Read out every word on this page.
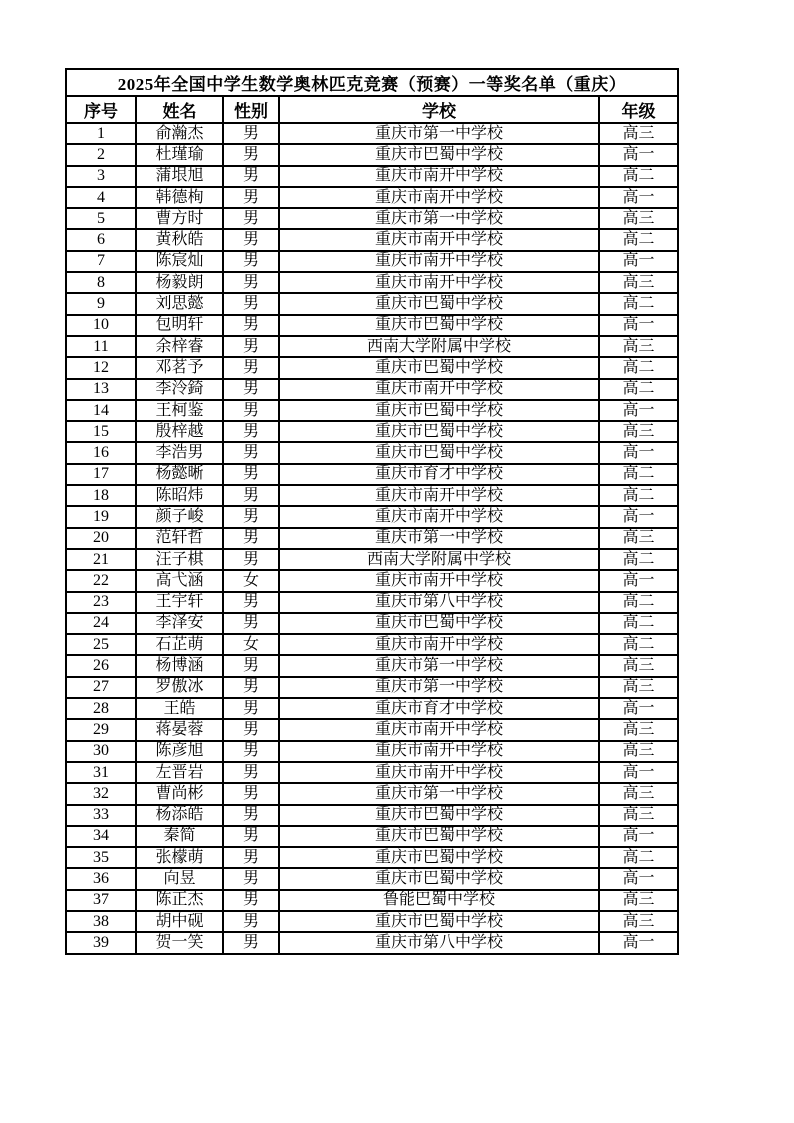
2025年全国中学生数学奥林匹克竞赛（预赛）一等奖名单（重庆）				
序号	姓名	性别	学校	年级
1	俞瀚杰	男	重庆市第一中学校	高三
2	杜瑾瑜	男	重庆市巴蜀中学校	高一
3	蒲垠旭	男	重庆市南开中学校	高二
4	韩德栒	男	重庆市南开中学校	高一
5	曹方时	男	重庆市第一中学校	高三
6	黄秋皓	男	重庆市南开中学校	高二
7	陈宸灿	男	重庆市南开中学校	高一
8	杨毅朗	男	重庆市南开中学校	高三
9	刘思懿	男	重庆市巴蜀中学校	高二
10	包明轩	男	重庆市巴蜀中学校	高一
11	余梓睿	男	西南大学附属中学校	高三
12	邓茗予	男	重庆市巴蜀中学校	高二
13	李泠錡	男	重庆市南开中学校	高二
14	王柯鉴	男	重庆市巴蜀中学校	高一
15	殷梓越	男	重庆市巴蜀中学校	高三
16	李浩男	男	重庆市巴蜀中学校	高一
17	杨懿晰	男	重庆市育才中学校	高二
18	陈昭炜	男	重庆市南开中学校	高二
19	颜子峻	男	重庆市南开中学校	高一
20	范轩哲	男	重庆市第一中学校	高三
21	汪子棋	男	西南大学附属中学校	高二
22	高弋涵	女	重庆市南开中学校	高一
23	王宇轩	男	重庆市第八中学校	高二
24	李泽安	男	重庆市巴蜀中学校	高二
25	石芷萌	女	重庆市南开中学校	高二
26	杨博涵	男	重庆市第一中学校	高三
27	罗傲冰	男	重庆市第一中学校	高三
28	王皓	男	重庆市育才中学校	高一
29	蒋晏蓉	男	重庆市南开中学校	高三
30	陈彦旭	男	重庆市南开中学校	高三
31	左晋岩	男	重庆市南开中学校	高一
32	曹尚彬	男	重庆市第一中学校	高三
33	杨添皓	男	重庆市巴蜀中学校	高三
34	秦简	男	重庆市巴蜀中学校	高一
35	张檬萌	男	重庆市巴蜀中学校	高二
36	向昱	男	重庆市巴蜀中学校	高一
37	陈正杰	男	鲁能巴蜀中学校	高三
38	胡中砚	男	重庆市巴蜀中学校	高三
39	贺一笑	男	重庆市第八中学校	高一
